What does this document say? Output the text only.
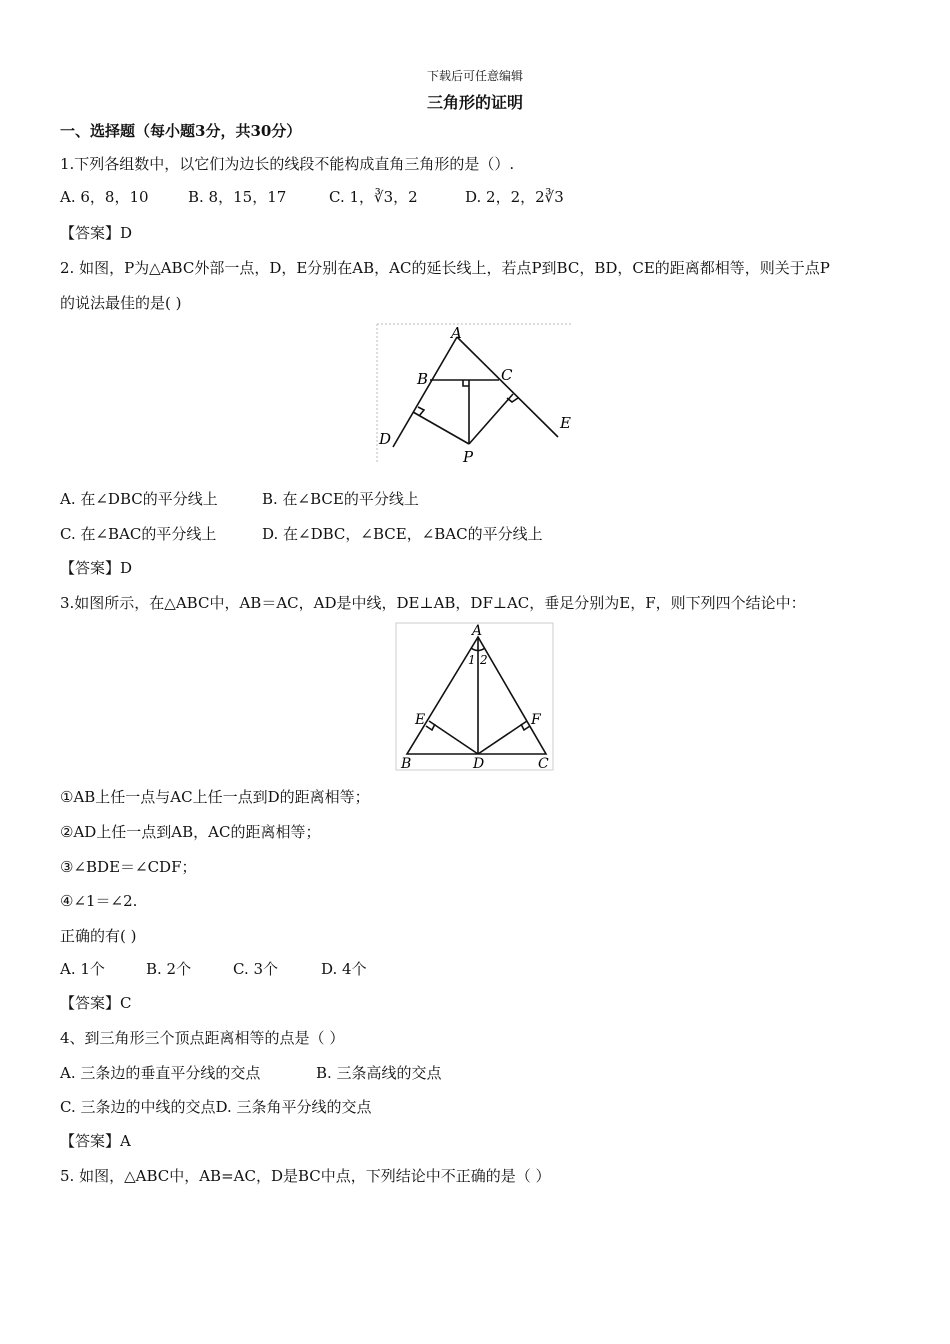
下载后可任意编辑
三角形的证明
一、选择题（每小题3分，共30分）
1.下列各组数中，以它们为边长的线段不能构成直角三角形的是（）.
A. 6，8，10	B. 8，15，17	C. 1，∛3，2	D. 2，2，2∛3
【答案】D
2. 如图，P为△ABC外部一点，D，E分别在AB，AC的延长线上，若点P到BC，BD，CE的距离都相等，则关于点P
的说法最佳的是( )
A
B	C
D
E
P
A. 在∠DBC的平分线上	B. 在∠BCE的平分线上
C. 在∠BAC的平分线上	D. 在∠DBC，∠BCE，∠BAC的平分线上
【答案】D
3.如图所示，在△ABC中，AB＝AC，AD是中线，DE⊥AB，DF⊥AC，垂足分别为E，F，则下列四个结论中：
A
1 2
E	F
B	D	C
①AB上任一点与AC上任一点到D的距离相等；
②AD上任一点到AB，AC的距离相等；
③∠BDE＝∠CDF；
④∠1＝∠2.
正确的有( )
A. 1个	B. 2个	C. 3个	D. 4个
【答案】C
4、到三角形三个顶点距离相等的点是（ ）
A. 三条边的垂直平分线的交点	B. 三条高线的交点
C. 三条边的中线的交点D. 三条角平分线的交点
【答案】A
5. 如图，△ABC中，AB=AC，D是BC中点，下列结论中不正确的是（ ）
